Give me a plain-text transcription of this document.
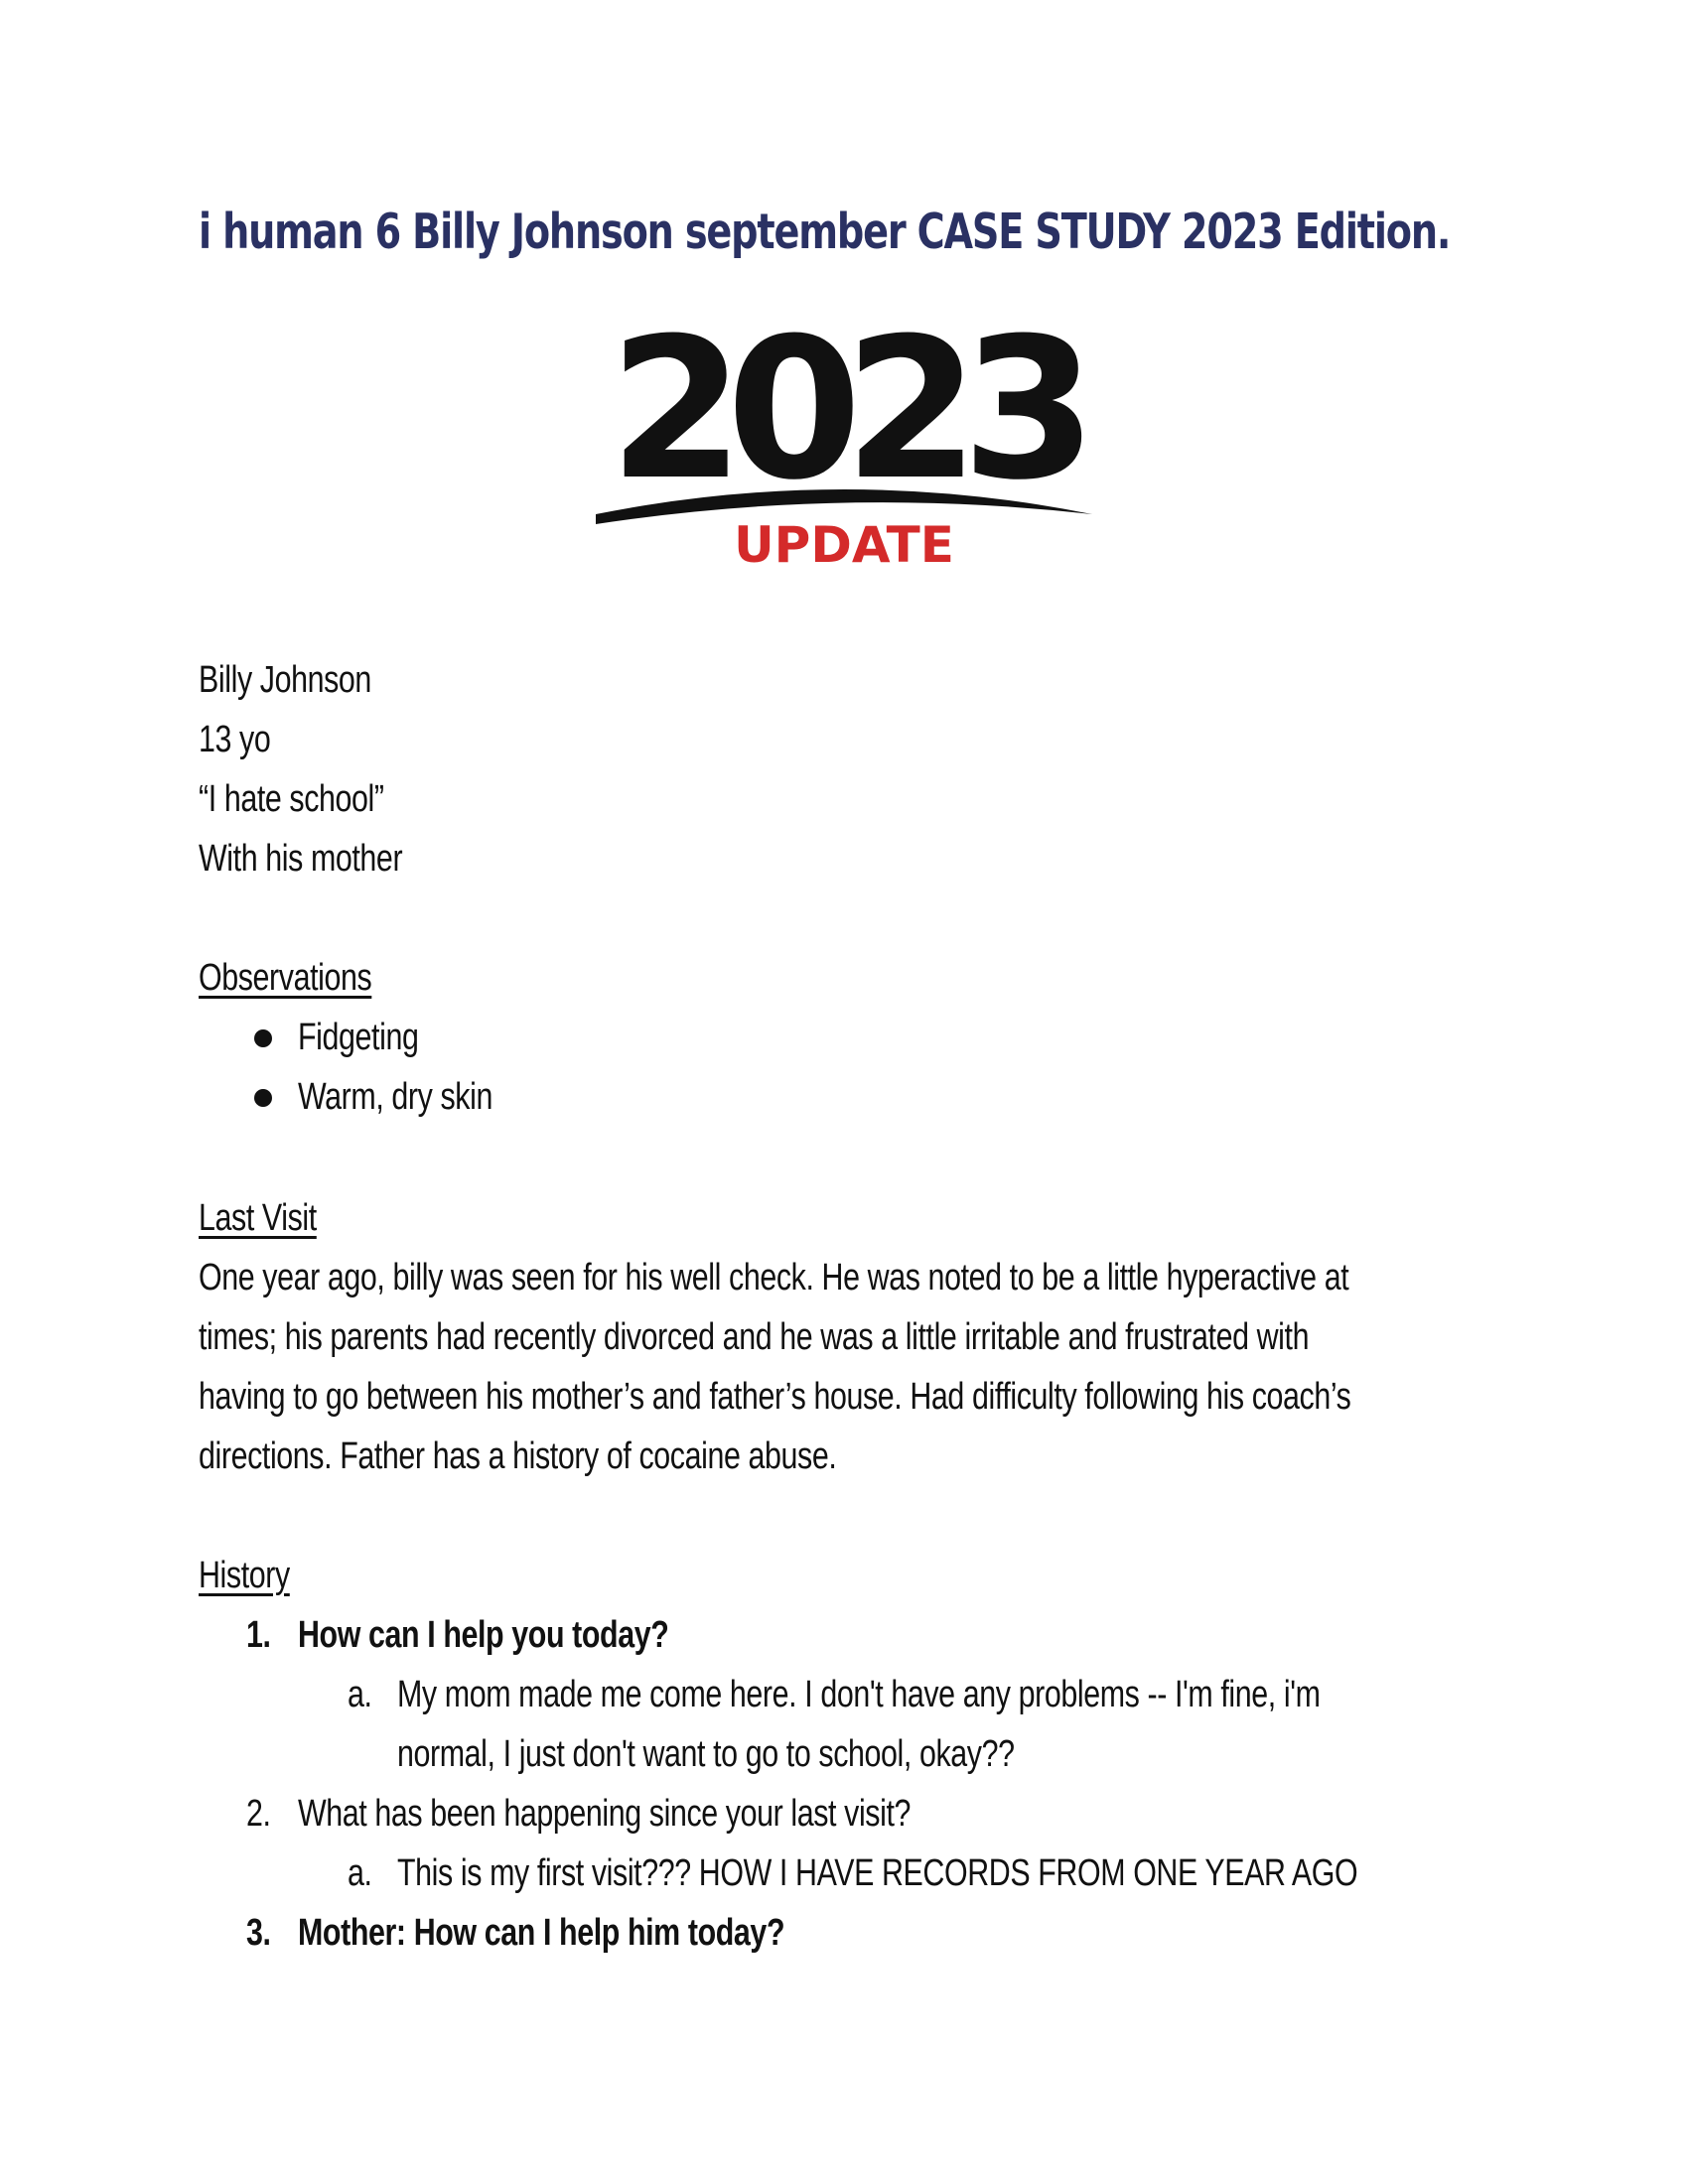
i human 6 Billy Johnson september CASE STUDY 2023 Edition.
2023
UPDATE
Billy Johnson
13 yo
“I hate school”
With his mother
Observations
Fidgeting
Warm, dry skin
Last Visit
One year ago, billy was seen for his well check. He was noted to be a little hyperactive at
times; his parents had recently divorced and he was a little irritable and frustrated with
having to go between his mother’s and father’s house. Had difficulty following his coach’s
directions. Father has a history of cocaine abuse.
History
1. How can I help you today?
a. My mom made me come here. I don't have any problems -- I'm fine, i'm
normal, I just don't want to go to school, okay??
2. What has been happening since your last visit?
a. This is my first visit??? HOW I HAVE RECORDS FROM ONE YEAR AGO
3. Mother: How can I help him today?
